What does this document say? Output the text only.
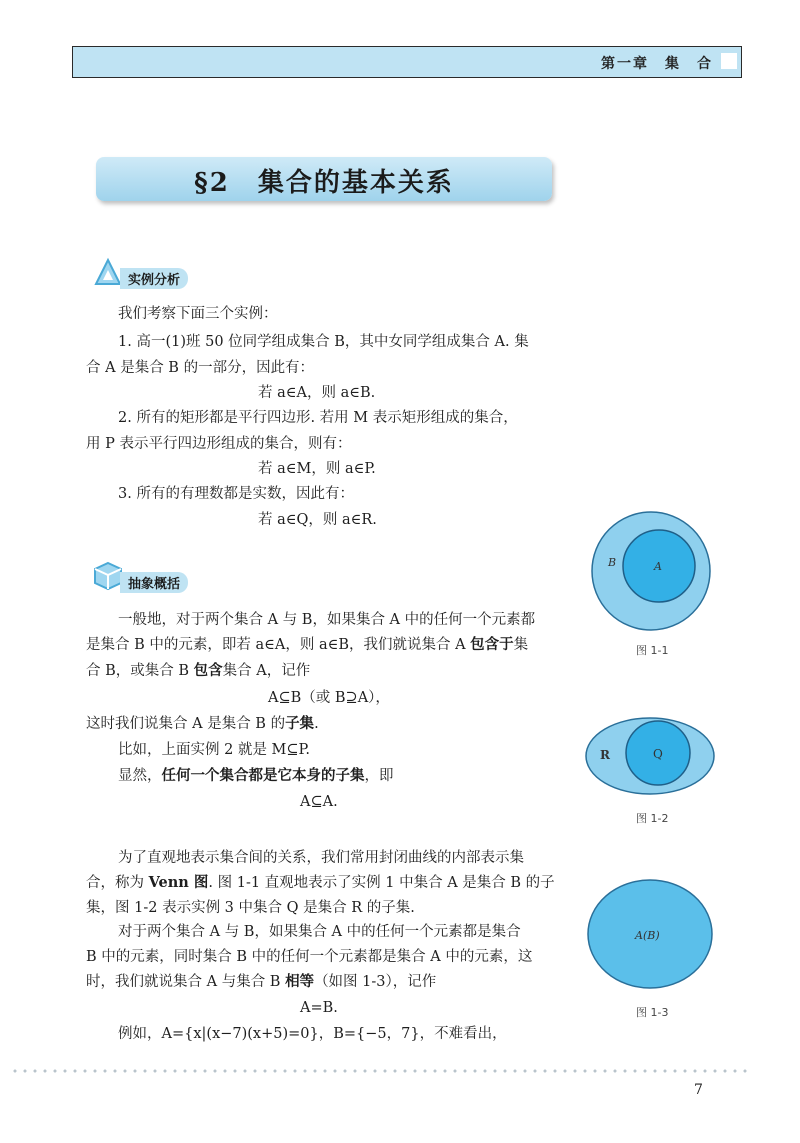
第一章　集　合
§2　集合的基本关系
实例分析
我们考察下面三个实例：
1. 高一(1)班 50 位同学组成集合 B，其中女同学组成集合 A. 集
合 A 是集合 B 的一部分，因此有：
若 a∈A，则 a∈B.
2. 所有的矩形都是平行四边形. 若用 M 表示矩形组成的集合，
用 P 表示平行四边形组成的集合，则有：
若 a∈M，则 a∈P.
3. 所有的有理数都是实数，因此有：
若 a∈Q，则 a∈R.
抽象概括
一般地，对于两个集合 A 与 B，如果集合 A 中的任何一个元素都
是集合 B 中的元素，即若 a∈A，则 a∈B，我们就说集合 A 包含于集
合 B，或集合 B 包含集合 A，记作
A⊆B（或 B⊇A），
这时我们说集合 A 是集合 B 的子集.
比如，上面实例 2 就是 M⊆P.
显然，任何一个集合都是它本身的子集，即
A⊆A.
为了直观地表示集合间的关系，我们常用封闭曲线的内部表示集
合，称为 Venn 图. 图 1-1 直观地表示了实例 1 中集合 A 是集合 B 的子
集，图 1-2 表示实例 3 中集合 Q 是集合 R 的子集.
对于两个集合 A 与 B，如果集合 A 中的任何一个元素都是集合
B 中的元素，同时集合 B 中的任何一个元素都是集合 A 中的元素，这
时，我们就说集合 A 与集合 B 相等（如图 1-3），记作
A=B.
例如，A={x|(x−7)(x+5)=0}，B={−5，7}，不难看出，
B	A
图 1-1
R	Q
图 1-2
A(B)
图 1-3
7
